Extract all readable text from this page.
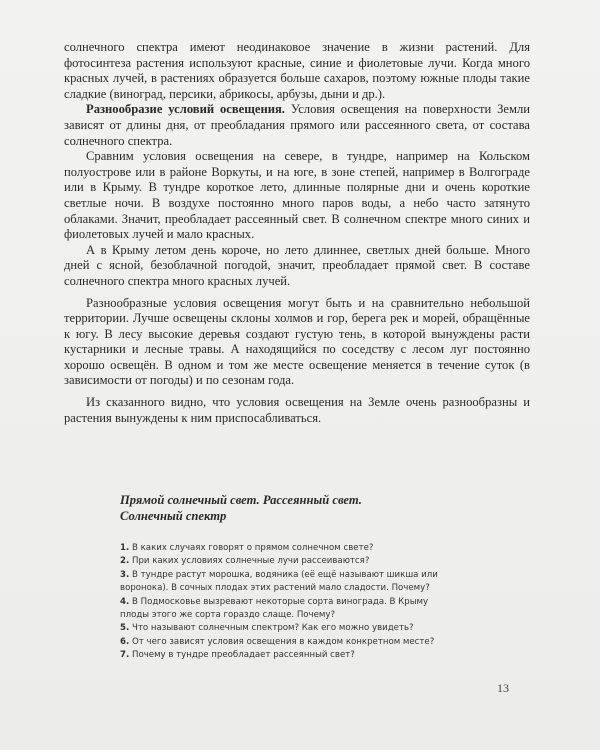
солнечного спектра имеют неодинаковое значение в жизни растений. Для фотосинтеза растения используют красные, синие и фиолетовые лучи. Когда много красных лучей, в растениях образуется больше сахаров, поэтому южные плоды такие сладкие (виноград, персики, абрикосы, арбузы, дыни и др.).

Разнообразие условий освещения. Условия освещения на поверхности Земли зависят от длины дня, от преобладания прямого или рассеянного света, от состава солнечного спектра.

Сравним условия освещения на севере, в тундре, например на Кольском полуострове или в районе Воркуты, и на юге, в зоне степей, например в Волгограде или в Крыму. В тундре короткое лето, длинные полярные дни и очень короткие светлые ночи. В воздухе постоянно много паров воды, а небо часто затянуто облаками. Значит, преобладает рассеянный свет. В солнечном спектре много синих и фиолетовых лучей и мало красных.

А в Крыму летом день короче, но лето длиннее, светлых дней больше. Много дней с ясной, безоблачной погодой, значит, преобладает прямой свет. В составе солнечного спектра много красных лучей.

Разнообразные условия освещения могут быть и на сравнительно небольшой территории. Лучше освещены склоны холмов и гор, берега рек и морей, обращённые к югу. В лесу высокие деревья создают густую тень, в которой вынуждены расти кустарники и лесные травы. А находящийся по соседству с лесом луг постоянно хорошо освещён. В одном и том же месте освещение меняется в течение суток (в зависимости от погоды) и по сезонам года.

Из сказанного видно, что условия освещения на Земле очень разнообразны и растения вынуждены к ним приспосабливаться.

Прямой солнечный свет. Рассеянный свет.
Солнечный спектр

1. В каких случаях говорят о прямом солнечном свете?

2. При каких условиях солнечные лучи рассеиваются?

3. В тундре растут морошка, водяника (её ещё называют шикша или воронока). В сочных плодах этих растений мало сладости. Почему?

4. В Подмосковье вызревают некоторые сорта винограда. В Крыму плоды этого же сорта гораздо слаще. Почему?

5. Что называют солнечным спектром? Как его можно увидеть?

6. От чего зависят условия освещения в каждом конкретном месте?

7. Почему в тундре преобладает рассеянный свет?

13
